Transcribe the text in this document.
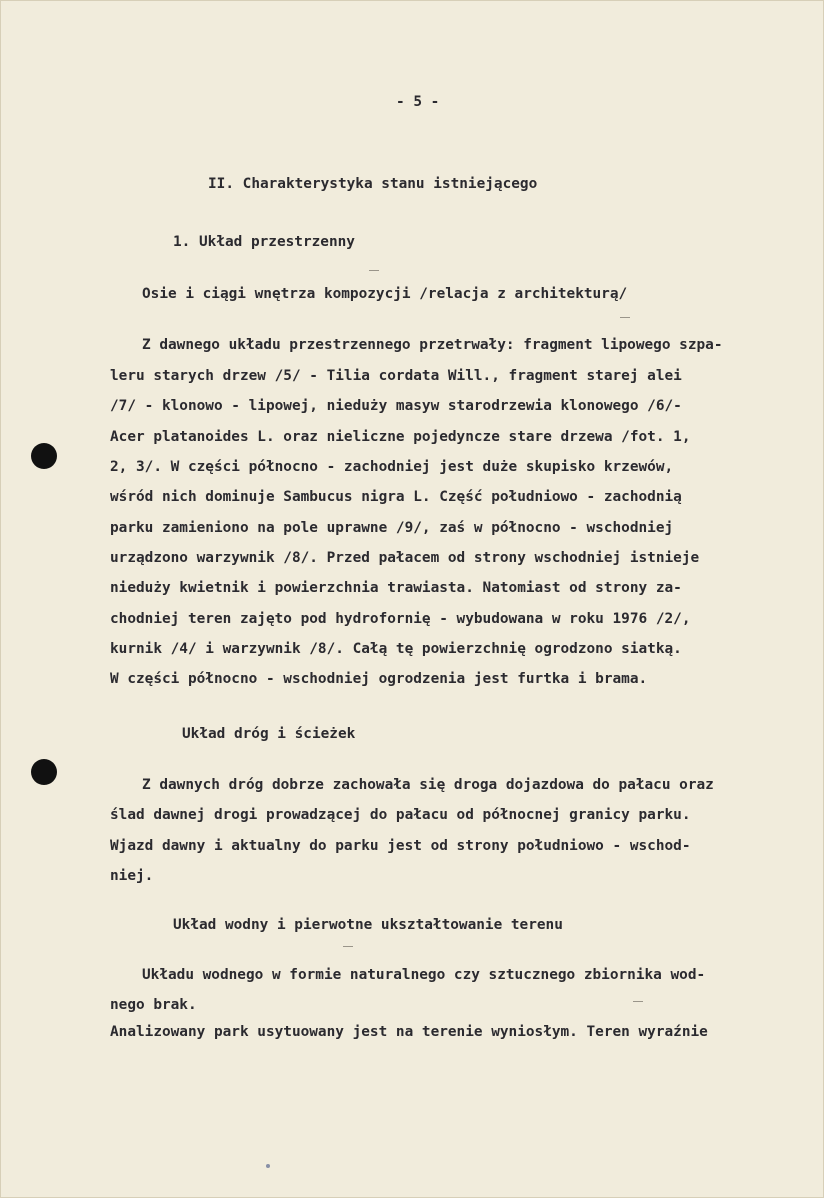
- 5 -
II. Charakterystyka stanu istniejącego
1. Układ przestrzenny
Osie i ciągi wnętrza kompozycji /relacja z architekturą/
Z dawnego układu przestrzennego przetrwały: fragment lipowego szpa-
leru starych drzew /5/ - Tilia cordata Will., fragment starej alei
/7/ - klonowo - lipowej, nieduży masyw starodrzewia klonowego /6/-
Acer platanoides L. oraz nieliczne pojedyncze stare drzewa /fot. 1,
2, 3/. W części północno - zachodniej jest duże skupisko krzewów,
wśród nich dominuje Sambucus nigra L. Część południowo - zachodnią
parku zamieniono na pole uprawne /9/, zaś w północno - wschodniej
urządzono warzywnik /8/. Przed pałacem od strony wschodniej istnieje
nieduży kwietnik i powierzchnia trawiasta. Natomiast od strony za-
chodniej teren zajęto pod hydrofornię - wybudowana w roku 1976 /2/,
kurnik /4/ i warzywnik /8/. Całą tę powierzchnię ogrodzono siatką.
W części północno - wschodniej ogrodzenia jest furtka i brama.
Układ dróg i ścieżek
Z dawnych dróg dobrze zachowała się droga dojazdowa do pałacu oraz
ślad dawnej drogi prowadzącej do pałacu od północnej granicy parku.
Wjazd dawny i aktualny do parku jest od strony południowo - wschod-
niej.
Układ wodny i pierwotne ukształtowanie terenu
Układu wodnego w formie naturalnego czy sztucznego zbiornika wod-
nego brak.
Analizowany park usytuowany jest na terenie wyniosłym. Teren wyraźnie
